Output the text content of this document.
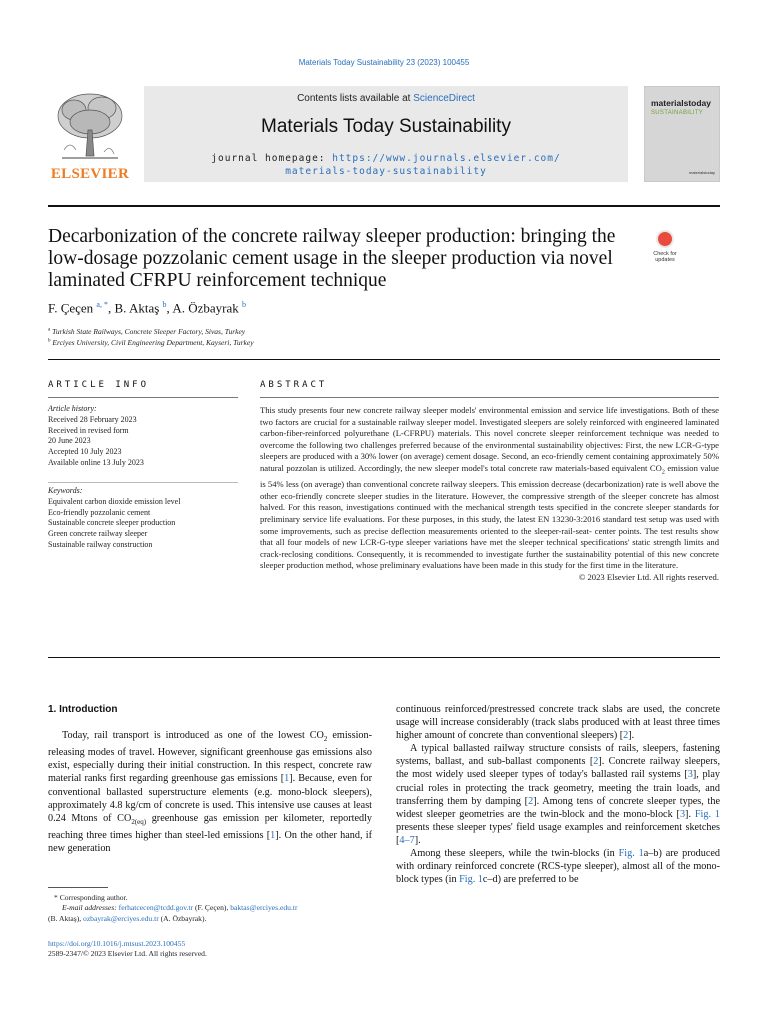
Materials Today Sustainability 23 (2023) 100455
ELSEVIER
Contents lists available at ScienceDirect
Materials Today Sustainability
journal homepage: https://www.journals.elsevier.com/
materials-today-sustainability
materialstoday
SUSTAINABILITY
materialstoday
Decarbonization of the concrete railway sleeper production: bringing the low-dosage pozzolanic cement usage in the sleeper production via novel laminated CFRPU reinforcement technique
Check for
updates
F. Çeçen $^{a, *}$, B. Aktaş $^b$, A. Özbayrak $^b$
$^a$ Turkish State Railways, Concrete Sleeper Factory, Sivas, Turkey
$^b$ Erciyes University, Civil Engineering Department, Kayseri, Turkey
ARTICLE INFO
Article history:
Received 28 February 2023
Received in revised form
20 June 2023
Accepted 10 July 2023
Available online 13 July 2023
Keywords:
Equivalent carbon dioxide emission level
Eco-friendly pozzolanic cement
Sustainable concrete sleeper production
Green concrete railway sleeper
Sustainable railway construction
ABSTRACT
This study presents four new concrete railway sleeper models' environmental emission and service life investigations. Both of these two factors are crucial for a sustainable railway sleeper model. Investigated sleepers are solely reinforced with engineered laminated carbon-fiber-reinforced polyurethane (L-CFRPU) materials. This novel concrete sleeper reinforcement technique was needed to overcome the following two challenges preferred because of the environmental sustainability objectives: First, the new LCR-G-type sleepers are produced with a 30% lower (on average) cement dosage. Second, an eco-friendly cement containing approximately 50% natural pozzolan is utilized. Accordingly, the new sleeper model's total concrete raw materials-based equivalent $CO_2$ emission value is 54% less (on average) than conventional concrete railway sleepers. This emission decrease (decarbonization) rate is well above the other eco-friendly concrete sleeper studies in the literature. However, the compressive strength of the sleeper concrete has almost halved. For this reason, investigations continued with the mechanical strength tests specified in the concrete sleeper standards for preliminary service life evaluations. For these purposes, in this study, the latest EN 13230-3:2016 standard test setup was used with some improvements, such as precise deflection measurements oriented to the sleeper-rail-seat- center points. The test results show that all four models of new LCR-G-type sleeper variations have met the sleeper technical specifications' static strength limits and crack-reclosing conditions. Consequently, it is recommended to investigate further the sustainability potential of this new concrete sleeper production method, whose preliminary evaluations have been made in this study for the first time in the literature.
© 2023 Elsevier Ltd. All rights reserved.
1. Introduction

Today, rail transport is introduced as one of the lowest $CO_2$ emission-releasing modes of travel. However, significant greenhouse gas emissions also exist, especially during their initial construction. In this respect, concrete raw material ranks first regarding greenhouse gas emissions [1]. Because, even for conventional ballasted superstructure elements (e.g. mono-block sleepers), approximately 4.8 kg/cm of concrete is used. This intensive use causes at least 0.24 Mtons of $CO_{2(eq)}$ greenhouse gas emission per kilometer, reportedly reaching three times higher than steel-led emissions [1]. On the other hand, if new generation

continuous reinforced/prestressed concrete track slabs are used, the concrete usage will increase considerably (track slabs produced with at least three times higher amount of concrete than conventional sleepers) [2].

A typical ballasted railway structure consists of rails, sleepers, fastening systems, ballast, and sub-ballast components [2]. Concrete railway sleepers, the most widely used sleeper types of today's ballasted rail systems [3], play crucial roles in protecting the track geometry, meeting the train loads, and transferring them by damping [2]. Among tens of concrete sleeper types, the widest sleeper geometries are the twin-block and the mono-block [3]. Fig. 1 presents these sleeper types' field usage examples and reinforcement sketches [4–7].

Among these sleepers, while the twin-blocks (in Fig. 1a–b) are produced with ordinary reinforced concrete (RCS-type sleeper), almost all of the mono-block types (in Fig. 1c–d) are preferred to be

* Corresponding author.
E-mail addresses: ferhatcecen@tcdd.gov.tr (F. Çeçen), baktas@erciyes.edu.tr
(B. Aktaş), ozbayrak@erciyes.edu.tr (A. Özbayrak).
https://doi.org/10.1016/j.mtsust.2023.100455
2589-2347/© 2023 Elsevier Ltd. All rights reserved.
